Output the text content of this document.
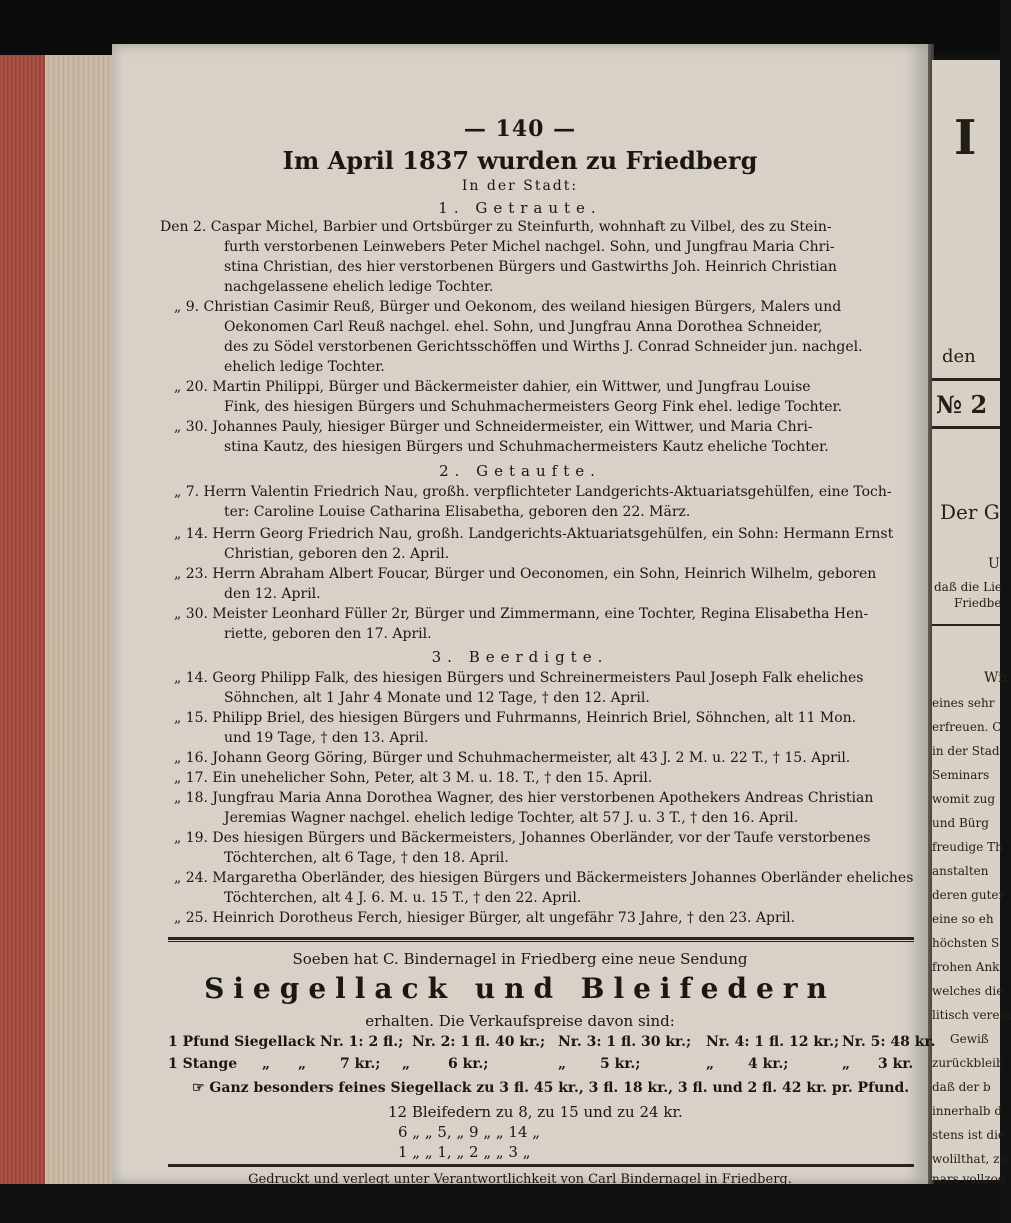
I
den
№ 2
Der G
U
daß die Lie
Friedbe
Wir
eines sehr
erfreuen. C
in der Stad
Seminars
womit zug
und Bürg
freudige Th
anstalten
deren guter
eine so eh
höchsten S
frohen Ank
welches die
litisch verein
Gewiß
zurückbleib
daß der b
innerhalb d
stens ist die
wolilthat, zu
nars vollzog
— 140 —
Im April 1837 wurden zu Friedberg
In der Stadt:
1. Getraute.
Den 2. Caspar Michel, Barbier und Ortsbürger zu Steinfurth, wohnhaft zu Vilbel, des zu Stein-
furth verstorbenen Leinwebers Peter Michel nachgel. Sohn, und Jungfrau Maria Chri-
stina Christian, des hier verstorbenen Bürgers und Gastwirths Joh. Heinrich Christian
nachgelassene ehelich ledige Tochter.
„ 9. Christian Casimir Reuß, Bürger und Oekonom, des weiland hiesigen Bürgers, Malers und
Oekonomen Carl Reuß nachgel. ehel. Sohn, und Jungfrau Anna Dorothea Schneider,
des zu Södel verstorbenen Gerichtsschöffen und Wirths J. Conrad Schneider jun. nachgel.
ehelich ledige Tochter.
„ 20. Martin Philippi, Bürger und Bäckermeister dahier, ein Wittwer, und Jungfrau Louise
Fink, des hiesigen Bürgers und Schuhmachermeisters Georg Fink ehel. ledige Tochter.
„ 30. Johannes Pauly, hiesiger Bürger und Schneidermeister, ein Wittwer, und Maria Chri-
stina Kautz, des hiesigen Bürgers und Schuhmachermeisters Kautz eheliche Tochter.
2. Getaufte.
„ 7. Herrn Valentin Friedrich Nau, großh. verpflichteter Landgerichts-Aktuariatsgehülfen, eine Toch-
ter: Caroline Louise Catharina Elisabetha, geboren den 22. März.
„ 14. Herrn Georg Friedrich Nau, großh. Landgerichts-Aktuariatsgehülfen, ein Sohn: Hermann Ernst
Christian, geboren den 2. April.
„ 23. Herrn Abraham Albert Foucar, Bürger und Oeconomen, ein Sohn, Heinrich Wilhelm, geboren
den 12. April.
„ 30. Meister Leonhard Füller 2r, Bürger und Zimmermann, eine Tochter, Regina Elisabetha Hen-
riette, geboren den 17. April.
3. Beerdigte.
„ 14. Georg Philipp Falk, des hiesigen Bürgers und Schreinermeisters Paul Joseph Falk eheliches
Söhnchen, alt 1 Jahr 4 Monate und 12 Tage, † den 12. April.
„ 15. Philipp Briel, des hiesigen Bürgers und Fuhrmanns, Heinrich Briel, Söhnchen, alt 11 Mon.
und 19 Tage, † den 13. April.
„ 16. Johann Georg Göring, Bürger und Schuhmachermeister, alt 43 J. 2 M. u. 22 T., † 15. April.
„ 17. Ein unehelicher Sohn, Peter, alt 3 M. u. 18. T., † den 15. April.
„ 18. Jungfrau Maria Anna Dorothea Wagner, des hier verstorbenen Apothekers Andreas Christian
Jeremias Wagner nachgel. ehelich ledige Tochter, alt 57 J. u. 3 T., † den 16. April.
„ 19. Des hiesigen Bürgers und Bäckermeisters, Johannes Oberländer, vor der Taufe verstorbenes
Töchterchen, alt 6 Tage, † den 18. April.
„ 24. Margaretha Oberländer, des hiesigen Bürgers und Bäckermeisters Johannes Oberländer eheliches
Töchterchen, alt 4 J. 6. M. u. 15 T., † den 22. April.
„ 25. Heinrich Dorotheus Ferch, hiesiger Bürger, alt ungefähr 73 Jahre, † den 23. April.
Soeben hat C. Bindernagel in Friedberg eine neue Sendung
Siegellack und Bleifedern
erhalten. Die Verkaufspreise davon sind:
1 Pfund Siegellack Nr. 1: 2 fl.; Nr. 2: 1 fl. 40 kr.; Nr. 3: 1 fl. 30 kr.; Nr. 4: 1 fl. 12 kr.; Nr. 5: 48 kr.
1 Stange „ „ 7 kr.; „	6 kr.;	„ 5 kr.;	„ 4 kr.;	„ 3 kr.
☞ Ganz besonders feines Siegellack zu 3 fl. 45 kr., 3 fl. 18 kr., 3 fl. und 2 fl. 42 kr. pr. Pfund.
12 Bleifedern zu 8, zu 15 und zu 24 kr.
6 „ „ 5, „ 9 „ „ 14 „
1 „ „ 1, „ 2 „ „ 3 „
Gedruckt und verlegt unter Verantwortlichkeit von Carl Bindernagel in Friedberg.
